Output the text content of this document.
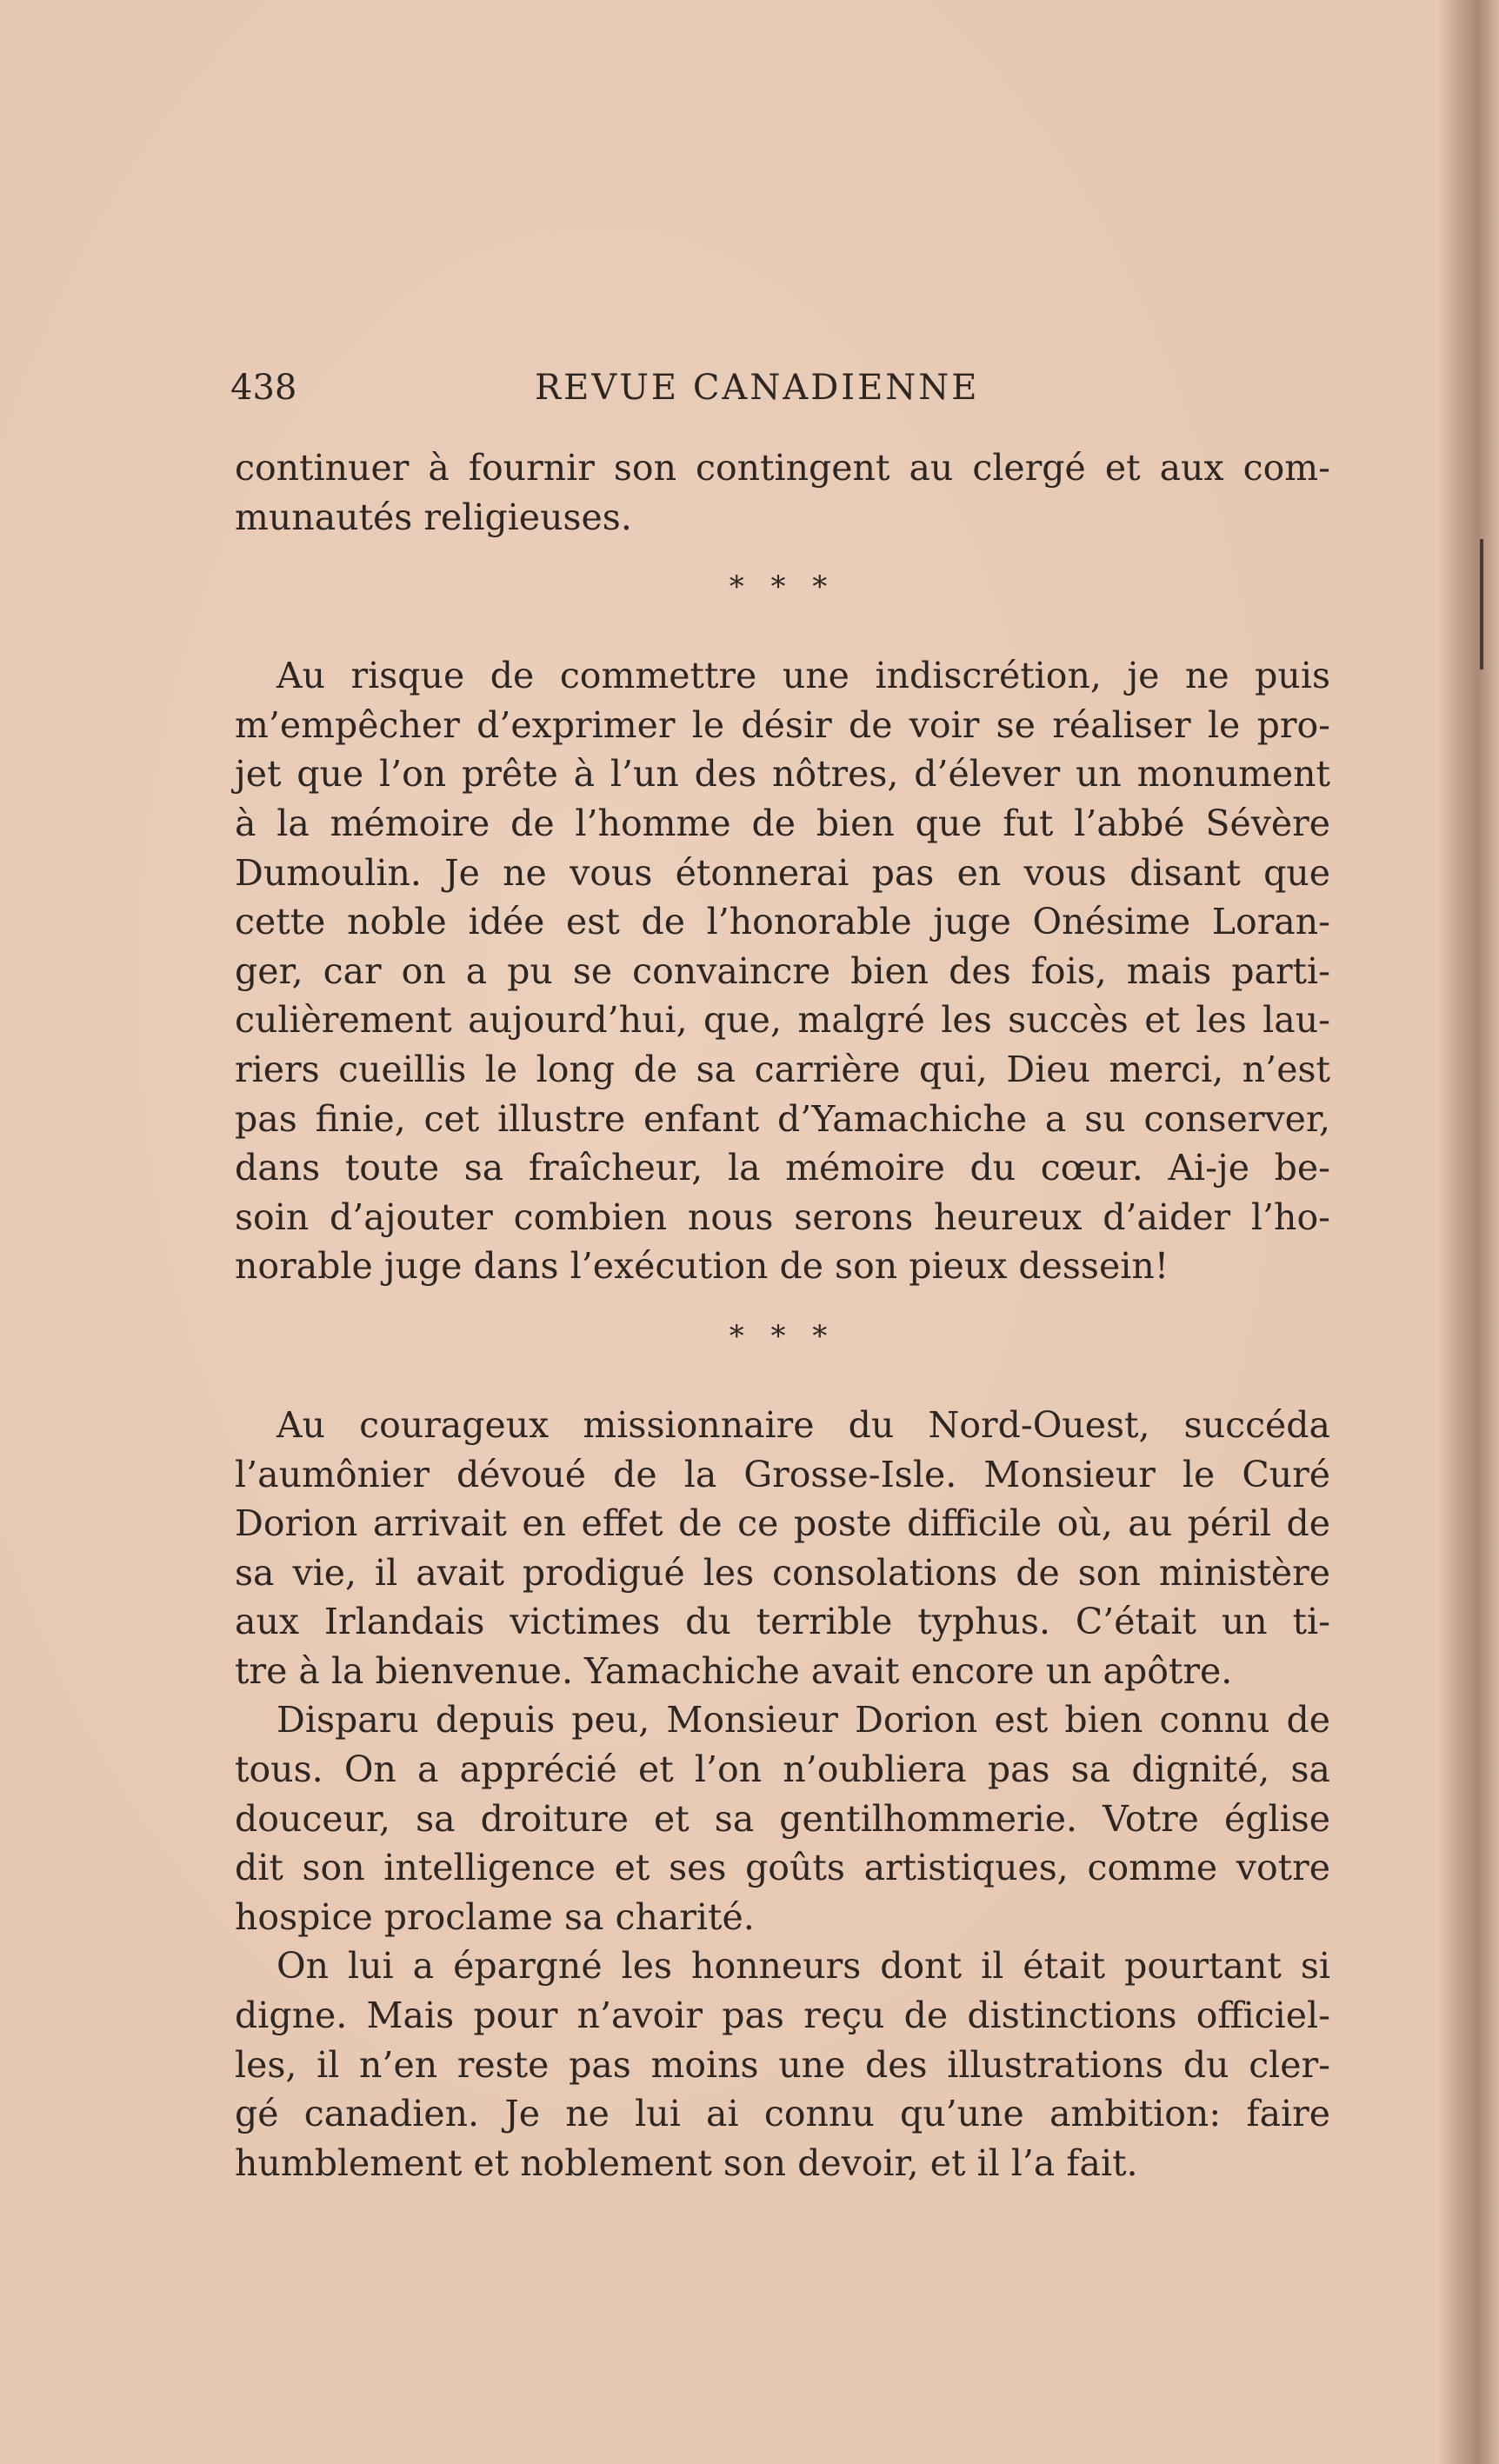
438	REVUE CANADIENNE
continuer à fournir son contingent au clergé et aux com-
munautés religieuses.
* * *
Au risque de commettre une indiscrétion, je ne puis
m’empêcher d’exprimer le désir de voir se réaliser le pro-
jet que l’on prête à l’un des nôtres, d’élever un monument
à la mémoire de l’homme de bien que fut l’abbé Sévère
Dumoulin. Je ne vous étonnerai pas en vous disant que
cette noble idée est de l’honorable juge Onésime Loran-
ger, car on a pu se convaincre bien des fois, mais parti-
culièrement aujourd’hui, que, malgré les succès et les lau-
riers cueillis le long de sa carrière qui, Dieu merci, n’est
pas finie, cet illustre enfant d’Yamachiche a su conserver,
dans toute sa fraîcheur, la mémoire du cœur. Ai-je be-
soin d’ajouter combien nous serons heureux d’aider l’ho-
norable juge dans l’exécution de son pieux dessein!
* * *
Au courageux missionnaire du Nord-Ouest, succéda
l’aumônier dévoué de la Grosse-Isle. Monsieur le Curé
Dorion arrivait en effet de ce poste difficile où, au péril de
sa vie, il avait prodigué les consolations de son ministère
aux Irlandais victimes du terrible typhus. C’était un ti-
tre à la bienvenue. Yamachiche avait encore un apôtre.
Disparu depuis peu, Monsieur Dorion est bien connu de
tous. On a apprécié et l’on n’oubliera pas sa dignité, sa
douceur, sa droiture et sa gentilhommerie. Votre église
dit son intelligence et ses goûts artistiques, comme votre
hospice proclame sa charité.
On lui a épargné les honneurs dont il était pourtant si
digne. Mais pour n’avoir pas reçu de distinctions officiel-
les, il n’en reste pas moins une des illustrations du cler-
gé canadien. Je ne lui ai connu qu’une ambition: faire
humblement et noblement son devoir, et il l’a fait.
